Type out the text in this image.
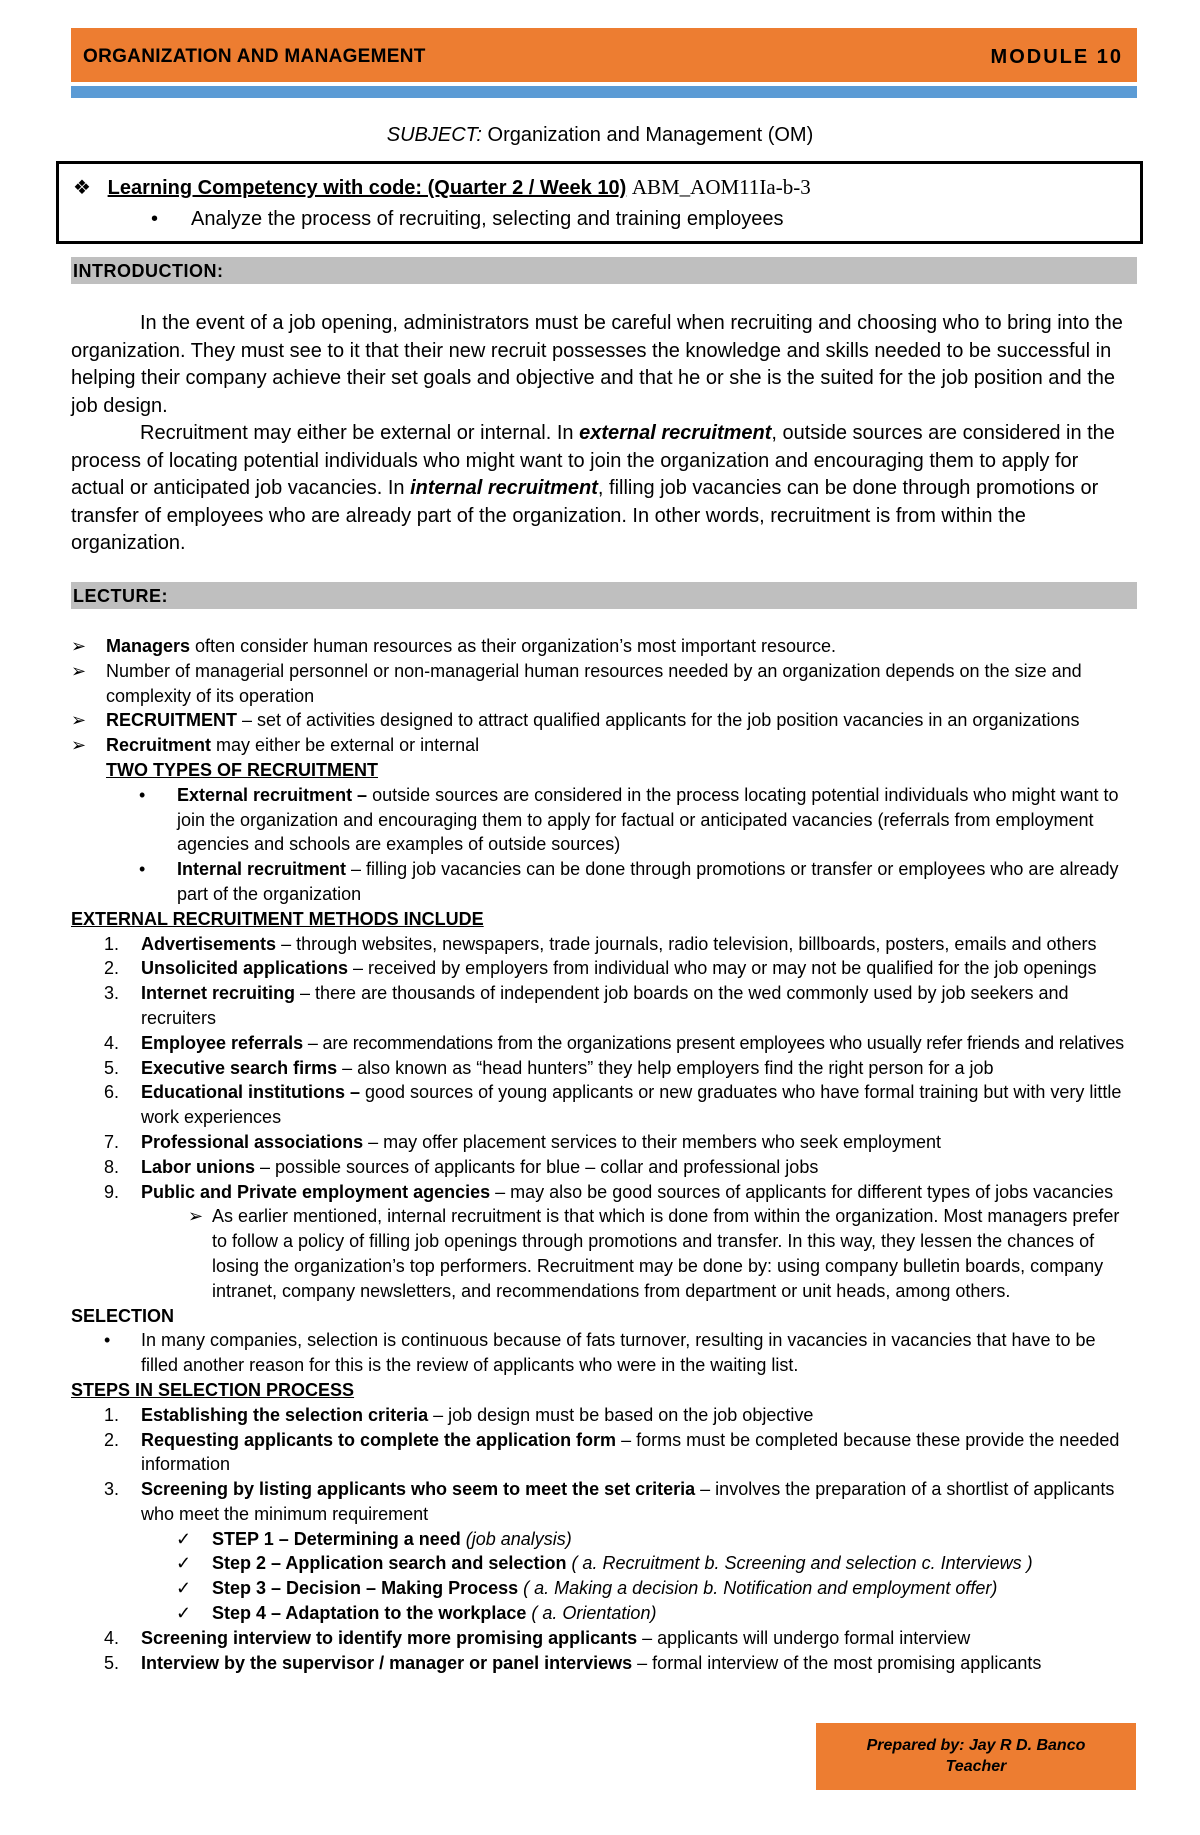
ORGANIZATION AND MANAGEMENT	MODULE 10
SUBJECT: Organization and Management (OM)
❖ Learning Competency with code: (Quarter 2 / Week 10) ABM_AOM11Ia-b-3
• Analyze the process of recruiting, selecting and training employees
INTRODUCTION:
In the event of a job opening, administrators must be careful when recruiting and choosing who to bring into the organization. They must see to it that their new recruit possesses the knowledge and skills needed to be successful in helping their company achieve their set goals and objective and that he or she is the suited for the job position and the job design.
Recruitment may either be external or internal. In external recruitment, outside sources are considered in the process of locating potential individuals who might want to join the organization and encouraging them to apply for actual or anticipated job vacancies. In internal recruitment, filling job vacancies can be done through promotions or transfer of employees who are already part of the organization. In other words, recruitment is from within the organization.
LECTURE:
➢ Managers often consider human resources as their organization’s most important resource.
➢ Number of managerial personnel or non-managerial human resources needed by an organization depends on the size and complexity of its operation
➢ RECRUITMENT – set of activities designed to attract qualified applicants for the job position vacancies in an organizations
➢ Recruitment may either be external or internal
TWO TYPES OF RECRUITMENT
• External recruitment – outside sources are considered in the process locating potential individuals who might want to join the organization and encouraging them to apply for factual or anticipated vacancies (referrals from employment agencies and schools are examples of outside sources)
• Internal recruitment – filling job vacancies can be done through promotions or transfer or employees who are already part of the organization
EXTERNAL RECRUITMENT METHODS INCLUDE
1. Advertisements – through websites, newspapers, trade journals, radio television, billboards, posters, emails and others
2. Unsolicited applications – received by employers from individual who may or may not be qualified for the job openings
3. Internet recruiting – there are thousands of independent job boards on the wed commonly used by job seekers and recruiters
4. Employee referrals – are recommendations from the organizations present employees who usually refer friends and relatives
5. Executive search firms – also known as “head hunters” they help employers find the right person for a job
6. Educational institutions – good sources of young applicants or new graduates who have formal training but with very little work experiences
7. Professional associations – may offer placement services to their members who seek employment
8. Labor unions – possible sources of applicants for blue – collar and professional jobs
9. Public and Private employment agencies – may also be good sources of applicants for different types of jobs vacancies
➢ As earlier mentioned, internal recruitment is that which is done from within the organization. Most managers prefer to follow a policy of filling job openings through promotions and transfer. In this way, they lessen the chances of losing the organization’s top performers. Recruitment may be done by: using company bulletin boards, company intranet, company newsletters, and recommendations from department or unit heads, among others.
SELECTION
• In many companies, selection is continuous because of fats turnover, resulting in vacancies in vacancies that have to be filled another reason for this is the review of applicants who were in the waiting list.
STEPS IN SELECTION PROCESS
1. Establishing the selection criteria – job design must be based on the job objective
2. Requesting applicants to complete the application form – forms must be completed because these provide the needed information
3. Screening by listing applicants who seem to meet the set criteria – involves the preparation of a shortlist of applicants who meet the minimum requirement
✓ STEP 1 – Determining a need (job analysis)
✓ Step 2 – Application search and selection ( a. Recruitment b. Screening and selection c. Interviews )
✓ Step 3 – Decision – Making Process ( a. Making a decision b. Notification and employment offer)
✓ Step 4 – Adaptation to the workplace ( a. Orientation)
4. Screening interview to identify more promising applicants – applicants will undergo formal interview
5. Interview by the supervisor / manager or panel interviews – formal interview of the most promising applicants
Prepared by: Jay R D. Banco
Teacher
